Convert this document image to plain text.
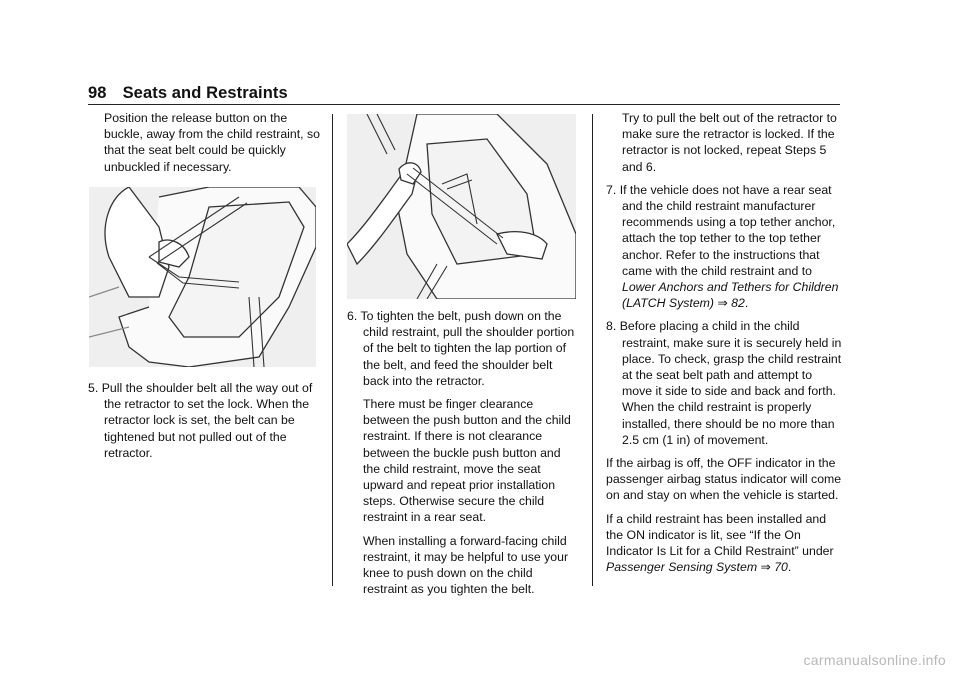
98 Seats and Restraints

Position the release button on the buckle, away from the child restraint, so that the seat belt could be quickly unbuckled if necessary.

5. Pull the shoulder belt all the way out of the retractor to set the lock. When the retractor lock is set, the belt can be tightened but not pulled out of the retractor.

6. To tighten the belt, push down on the child restraint, pull the shoulder portion of the belt to tighten the lap portion of the belt, and feed the shoulder belt back into the retractor.

There must be finger clearance between the push button and the child restraint. If there is not clearance between the buckle push button and the child restraint, move the seat upward and repeat prior installation steps. Otherwise secure the child restraint in a rear seat.

When installing a forward-facing child restraint, it may be helpful to use your knee to push down on the child restraint as you tighten the belt.

Try to pull the belt out of the retractor to make sure the retractor is locked. If the retractor is not locked, repeat Steps 5 and 6.

7. If the vehicle does not have a rear seat and the child restraint manufacturer recommends using a top tether anchor, attach the top tether to the top tether anchor. Refer to the instructions that came with the child restraint and to Lower Anchors and Tethers for Children (LATCH System) ⇒ 82.

8. Before placing a child in the child restraint, make sure it is securely held in place. To check, grasp the child restraint at the seat belt path and attempt to move it side to side and back and forth. When the child restraint is properly installed, there should be no more than 2.5 cm (1 in) of movement.

If the airbag is off, the OFF indicator in the passenger airbag status indicator will come on and stay on when the vehicle is started.

If a child restraint has been installed and the ON indicator is lit, see “If the On Indicator Is Lit for a Child Restraint” under Passenger Sensing System ⇒ 70.

carmanualsonline.info
